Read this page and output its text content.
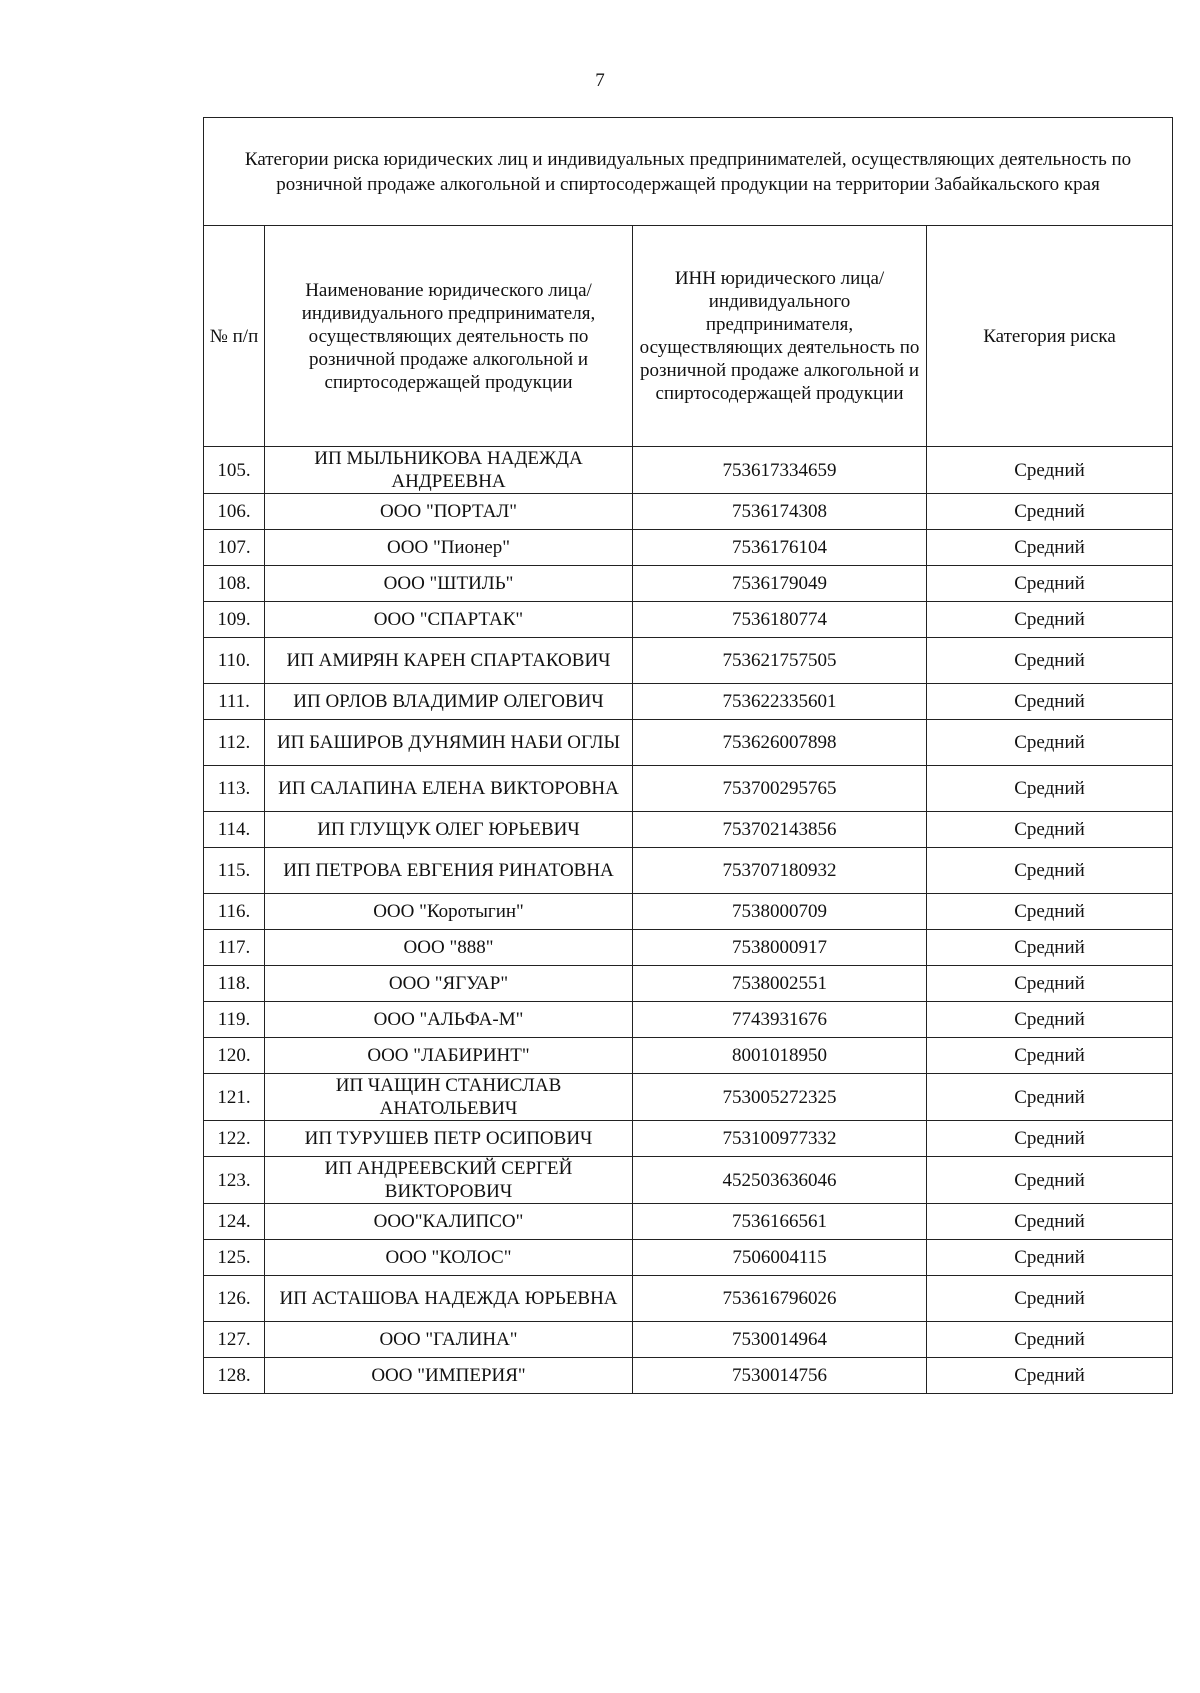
7
Категории риска юридических лиц и индивидуальных предпринимателей, осуществляющих деятельность по розничной продаже алкогольной и спиртосодержащей продукции на территории Забайкальского края			
№ п/п	Наименование юридического лица/индивидуального предпринимателя, осуществляющих деятельность по розничной продаже алкогольной и спиртосодержащей продукции	ИНН юридического лица/индивидуального предпринимателя, осуществляющих деятельность по розничной продаже алкогольной и спиртосодержащей продукции	Категория риска
105.	ИП МЫЛЬНИКОВА НАДЕЖДА АНДРЕЕВНА	753617334659	Средний
106.	ООО "ПОРТАЛ"	7536174308	Средний
107.	ООО "Пионер"	7536176104	Средний
108.	ООО "ШТИЛЬ"	7536179049	Средний
109.	ООО "СПАРТАК"	7536180774	Средний
110.	ИП АМИРЯН КАРЕН СПАРТАКОВИЧ	753621757505	Средний
111.	ИП ОРЛОВ ВЛАДИМИР ОЛЕГОВИЧ	753622335601	Средний
112.	ИП БАШИРОВ ДУНЯМИН НАБИ ОГЛЫ	753626007898	Средний
113.	ИП САЛАПИНА ЕЛЕНА ВИКТОРОВНА	753700295765	Средний
114.	ИП ГЛУЩУК ОЛЕГ ЮРЬЕВИЧ	753702143856	Средний
115.	ИП ПЕТРОВА ЕВГЕНИЯ РИНАТОВНА	753707180932	Средний
116.	ООО "Коротыгин"	7538000709	Средний
117.	ООО "888"	7538000917	Средний
118.	ООО "ЯГУАР"	7538002551	Средний
119.	ООО "АЛЬФА-М"	7743931676	Средний
120.	ООО "ЛАБИРИНТ"	8001018950	Средний
121.	ИП ЧАЩИН СТАНИСЛАВ АНАТОЛЬЕВИЧ	753005272325	Средний
122.	ИП ТУРУШЕВ ПЕТР ОСИПОВИЧ	753100977332	Средний
123.	ИП АНДРЕЕВСКИЙ СЕРГЕЙ ВИКТОРОВИЧ	452503636046	Средний
124.	ООО"КАЛИПСО"	7536166561	Средний
125.	ООО "КОЛОС"	7506004115	Средний
126.	ИП АСТАШОВА НАДЕЖДА ЮРЬЕВНА	753616796026	Средний
127.	ООО "ГАЛИНА"	7530014964	Средний
128.	ООО "ИМПЕРИЯ"	7530014756	Средний
